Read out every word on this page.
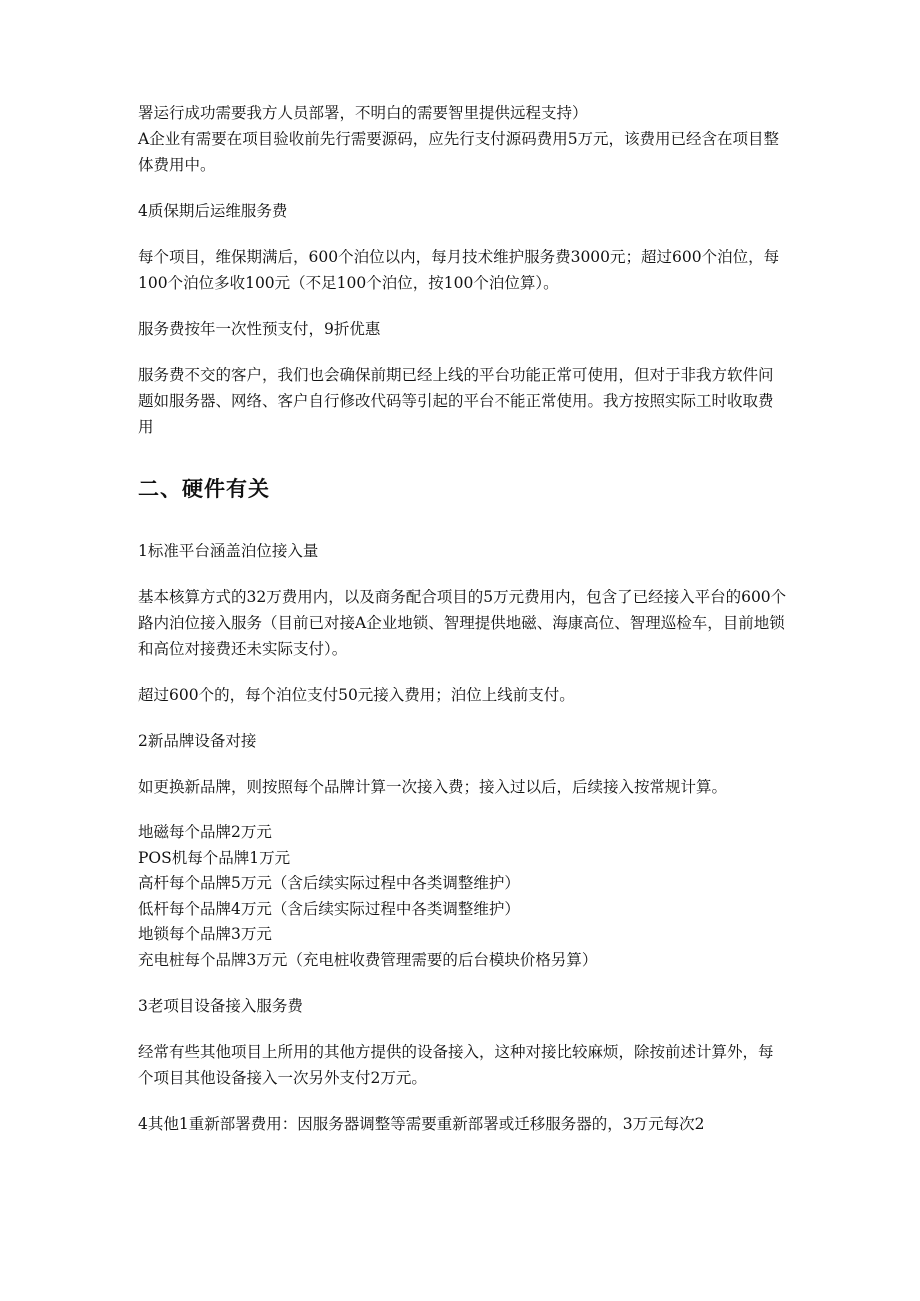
署运行成功需要我方人员部署，不明白的需要智里提供远程支持）

A企业有需要在项目验收前先行需要源码，应先行支付源码费用5万元，该费用已经含在项目整体费用中。

4质保期后运维服务费

每个项目，维保期满后，600个泊位以内，每月技术维护服务费3000元；超过600个泊位，每100个泊位多收100元（不足100个泊位，按100个泊位算）。

服务费按年一次性预支付，9折优惠

服务费不交的客户，我们也会确保前期已经上线的平台功能正常可使用，但对于非我方软件问题如服务器、网络、客户自行修改代码等引起的平台不能正常使用。我方按照实际工时收取费用

二、硬件有关

1标准平台涵盖泊位接入量

基本核算方式的32万费用内，以及商务配合项目的5万元费用内，包含了已经接入平台的600个路内泊位接入服务（目前已对接A企业地锁、智理提供地磁、海康高位、智理巡检车，目前地锁和高位对接费还未实际支付）。

超过600个的，每个泊位支付50元接入费用；泊位上线前支付。

2新品牌设备对接

如更换新品牌，则按照每个品牌计算一次接入费；接入过以后，后续接入按常规计算。

地磁每个品牌2万元

POS机每个品牌1万元

高杆每个品牌5万元（含后续实际过程中各类调整维护）

低杆每个品牌4万元（含后续实际过程中各类调整维护）

地锁每个品牌3万元

充电桩每个品牌3万元（充电桩收费管理需要的后台模块价格另算）

3老项目设备接入服务费

经常有些其他项目上所用的其他方提供的设备接入，这种对接比较麻烦，除按前述计算外，每个项目其他设备接入一次另外支付2万元。

4其他1重新部署费用：因服务器调整等需要重新部署或迁移服务器的，3万元每次2
